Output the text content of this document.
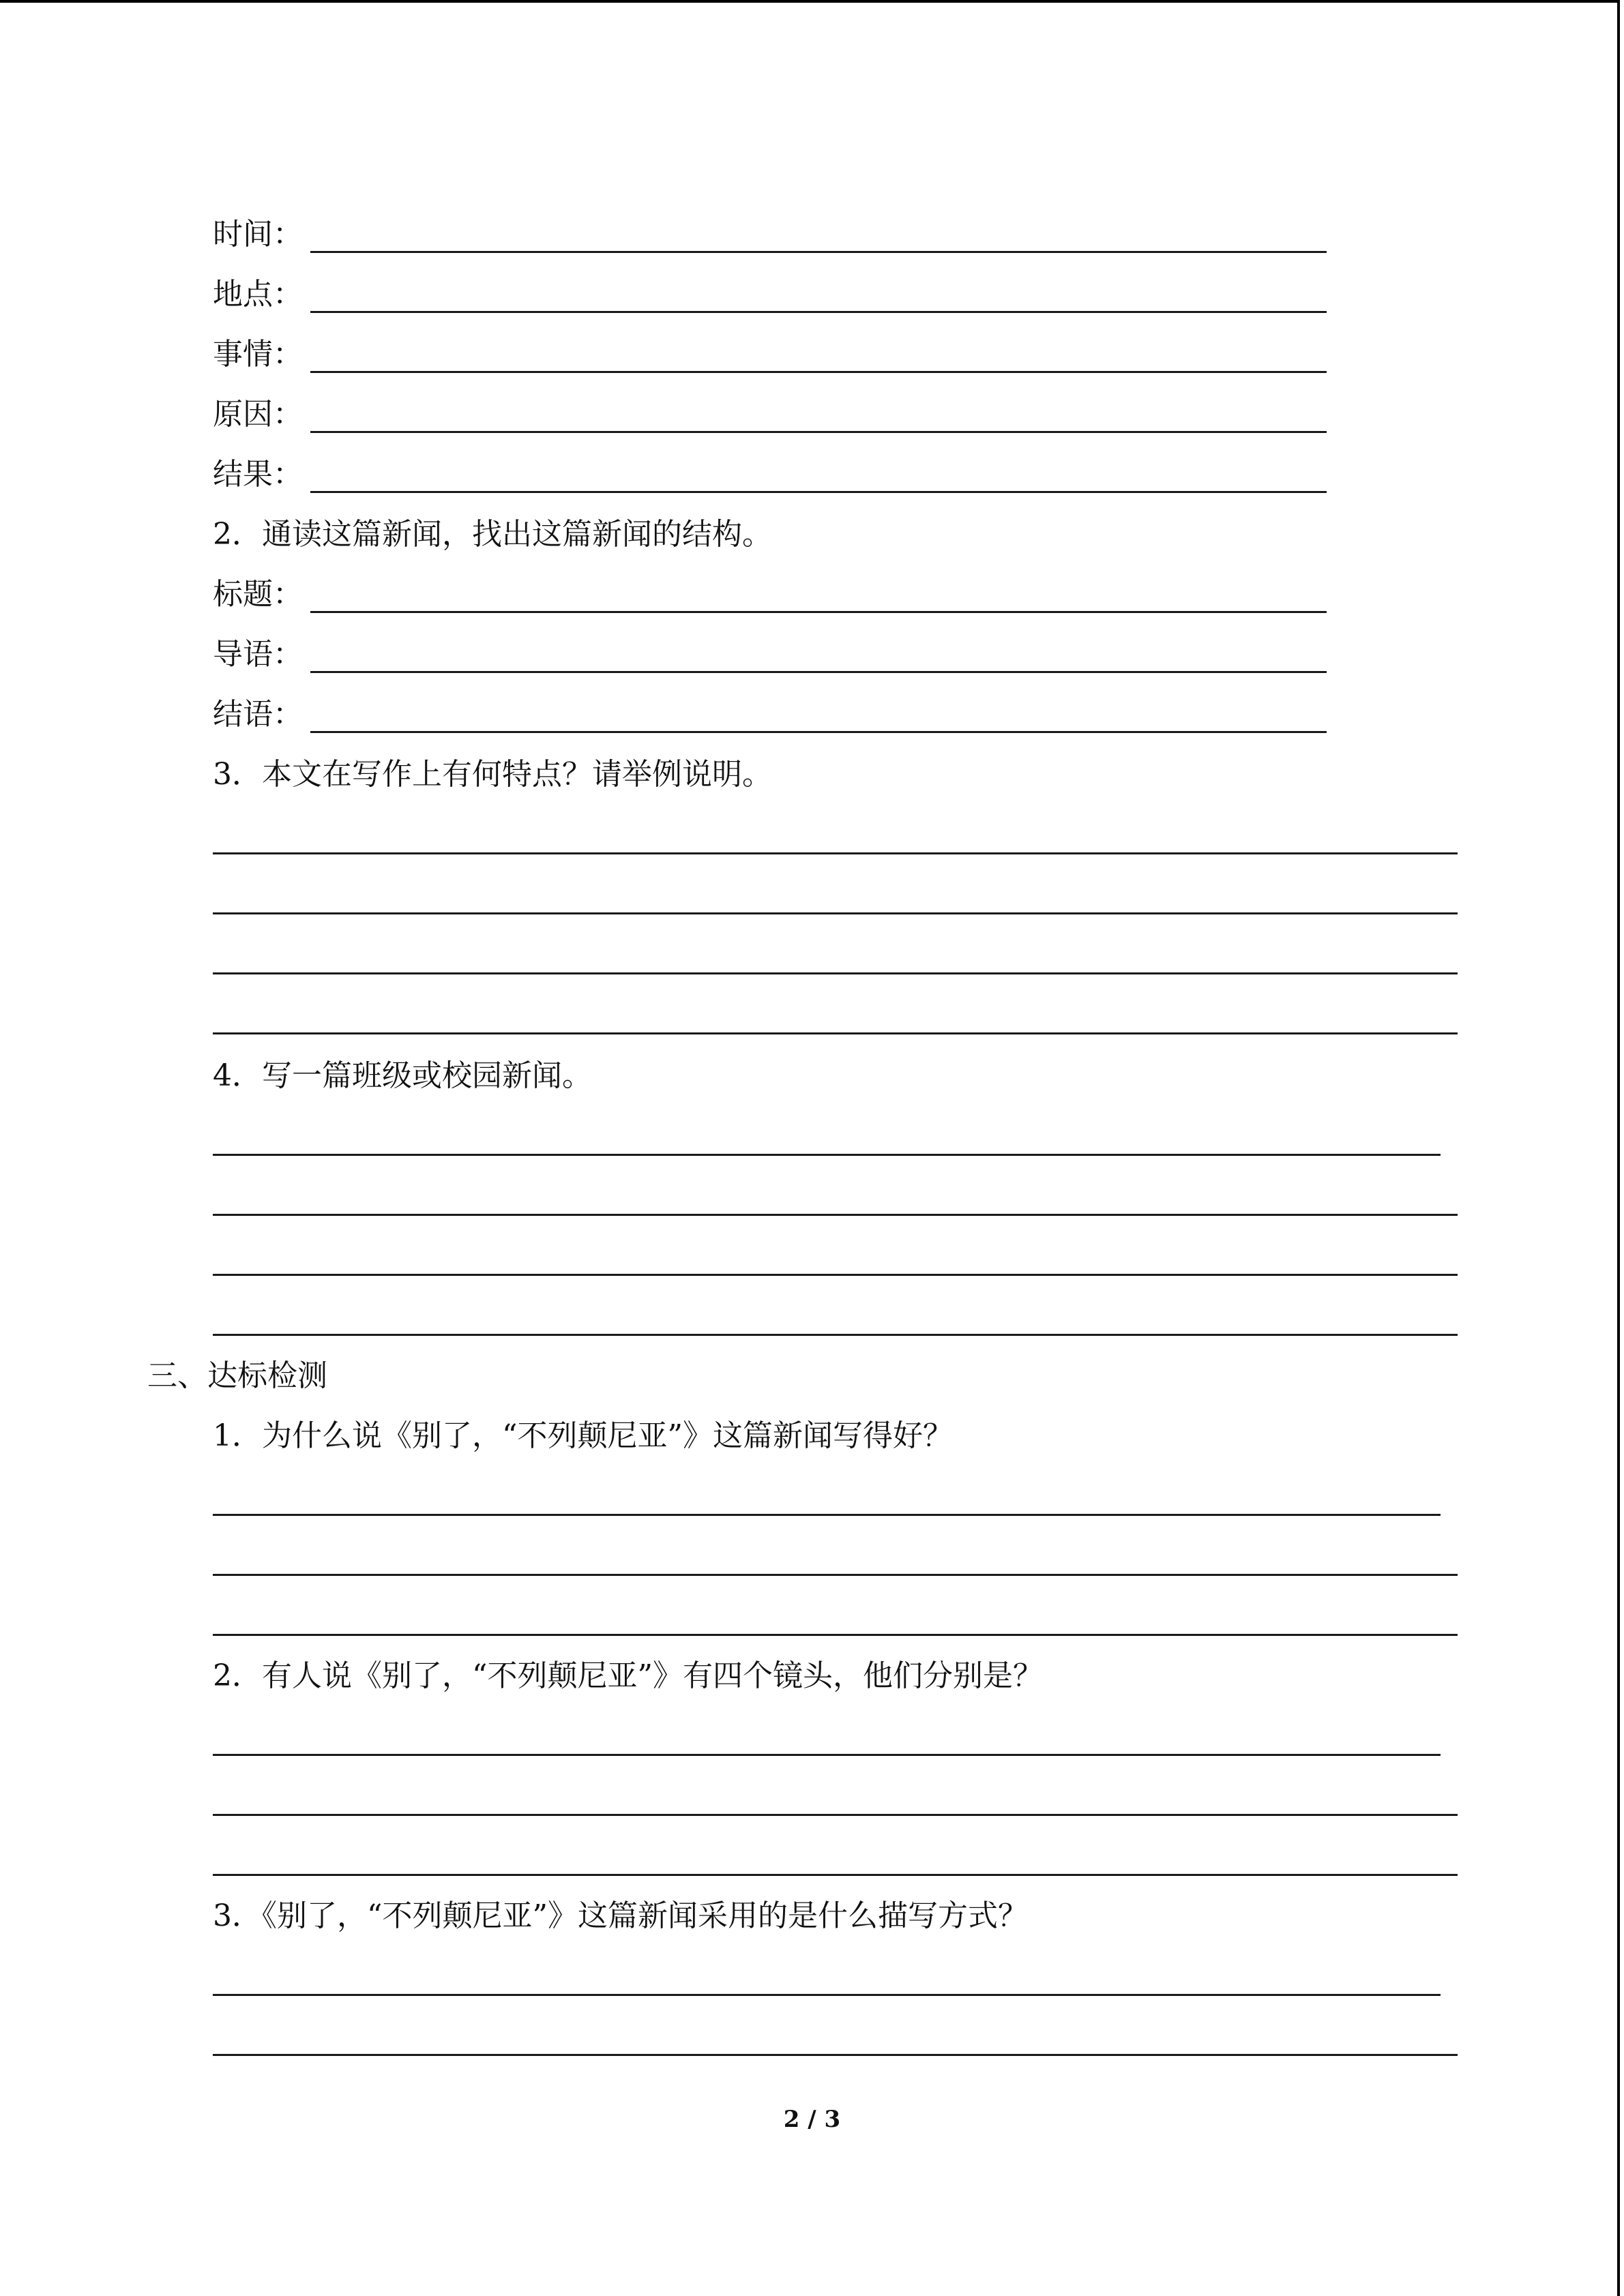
时间：
地点：
事情：
原因：
结果：
2．通读这篇新闻，找出这篇新闻的结构。
标题：
导语：
结语：
3．本文在写作上有何特点？请举例说明。
4．写一篇班级或校园新闻。
三、达标检测
1．为什么说《别了，“不列颠尼亚”》这篇新闻写得好？
2．有人说《别了，“不列颠尼亚”》有四个镜头，他们分别是？
3．《别了，“不列颠尼亚”》这篇新闻采用的是什么描写方式？
2 / 3
